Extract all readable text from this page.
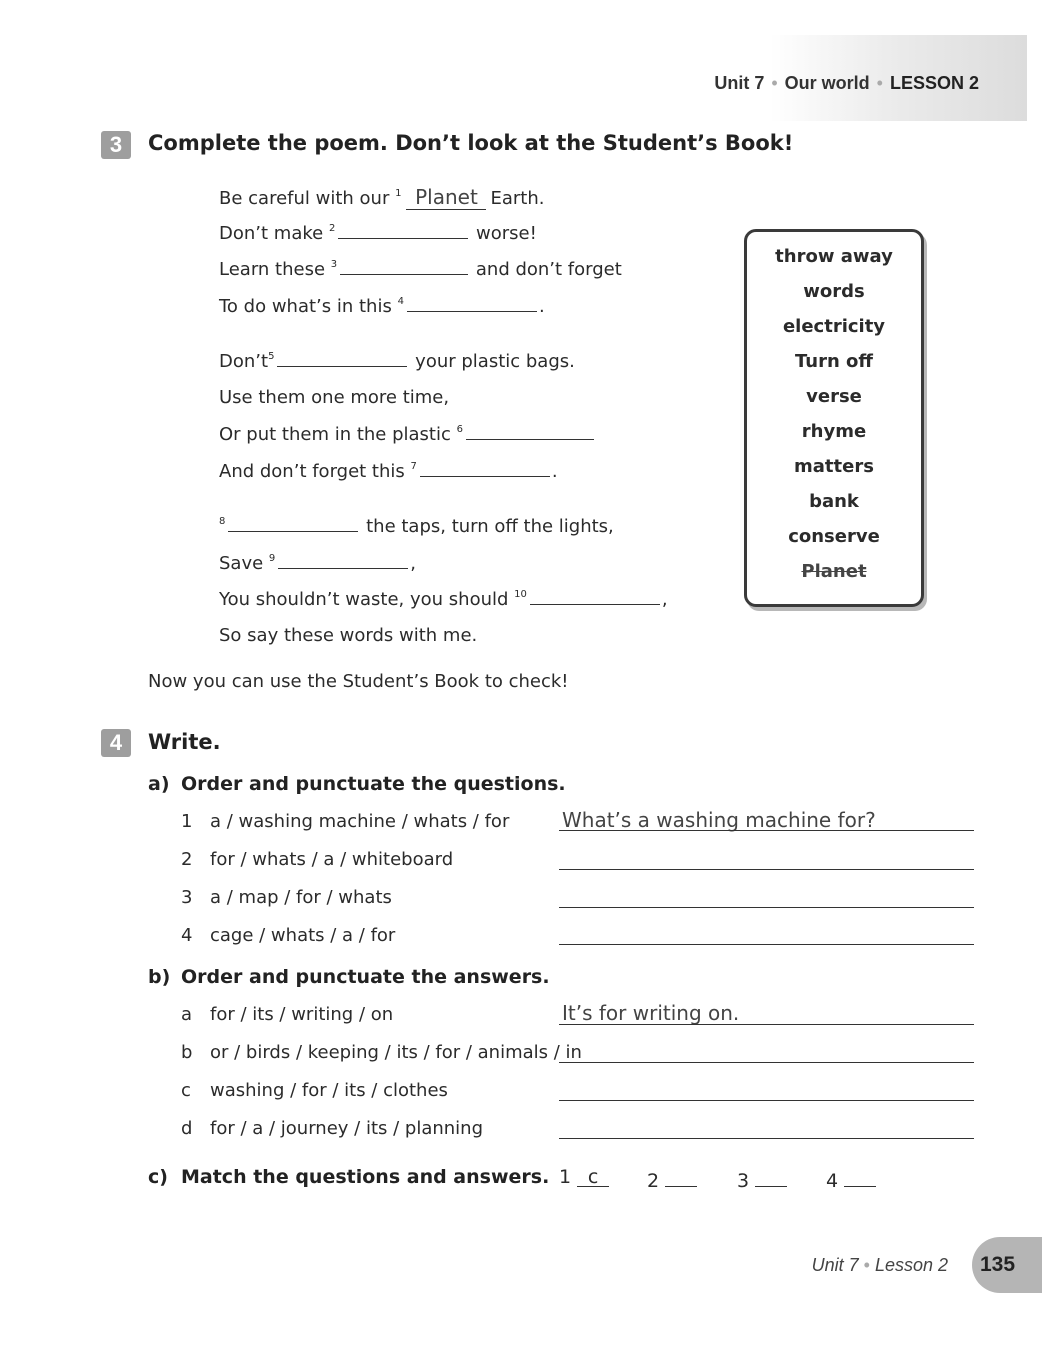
Unit 7 • Our world • LESSON 2
3	Complete the poem. Don’t look at the Student’s Book!
Be careful with our $^1$ Planet Earth.
Don’t make $^2$	worse!
Learn these $^3$	and don’t forget
To do what’s in this $^4$	.
$Don’t^5$	your plastic bags.
Use them one more time,
Or put them in the plastic $^6$
And don’t forget this $^7$	.
$^8$	the taps, turn off the lights,
Save $^9$	,
You shouldn’t waste, you should $^{10}$	,
So say these words with me.
throw away
words
electricity
Turn off
verse
rhyme
matters
bank
conserve
Planet
Now you can use the Student’s Book to check!
4	Write.
a) Order and punctuate the questions.
1 a / washing machine / whats / for	What’s a washing machine for?
2 for / whats / a / whiteboard
3 a / map / for / whats
4 cage / whats / a / for
b) Order and punctuate the answers.
a for / its / writing / on	It’s for writing on.
b or / birds / keeping / its / for / animals / in
c washing / for / its / clothes
d for / a / journey / its / planning
c) Match the questions and answers. 1 c	2	3	4
Unit 7 • Lesson 2	135
